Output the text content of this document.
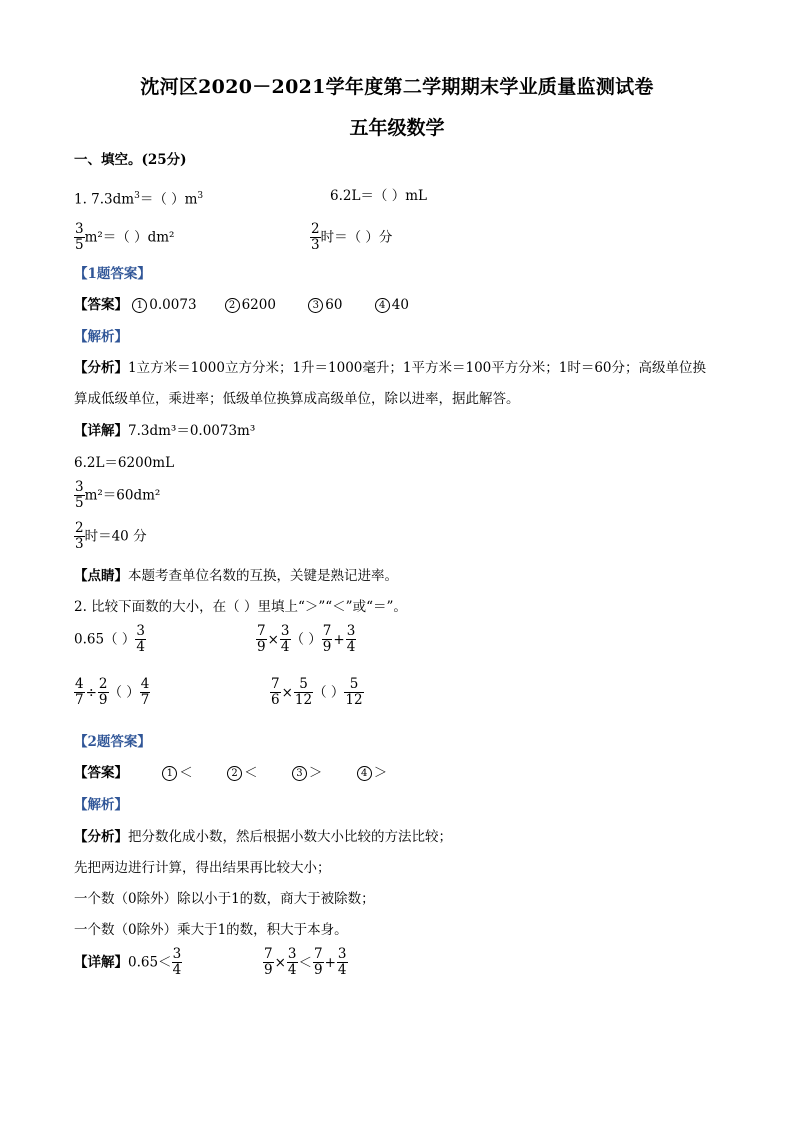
沈河区2020－2021学年度第二学期期末学业质量监测试卷
五年级数学
一、填空。(25分)
1. $7.3dm^3=$（ ）$m^3$	6.2L＝（ ）mL
$\frac{3}{5} m^2=$（ ）dm²	$\frac{2}{3}$ 时＝（ ）分
【1题答案】
【答案】 1 0.0073	2 6200	3 60	4 40
【解析】
【分析】1立方米＝1000立方分米；1升＝1000毫升；1平方米＝100平方分米；1时＝60分；高级单位换
算成低级单位，乘进率；低级单位换算成高级单位，除以进率，据此解答。
【详解】7.3dm³＝0.0073m³
6.2L＝6200mL
$\frac{3}{5} m^2=60dm^2$
$\frac{2}{3}$ 时＝40 分
【点睛】本题考查单位名数的互换，关键是熟记进率。
2. 比较下面数的大小，在（ ）里填上“＞”“＜”或“＝”。
0.65（ ） $\frac{3}{4}$	$\frac{7}{9} \times \frac{3}{4}$ （ ） $\frac{7}{9} + \frac{3}{4}$
$\frac{4}{7} \div \frac{2}{9}$ （ ） $\frac{4}{7}$	$\frac{7}{6} \times \frac{5}{12}$ （ ） $\frac{5}{12}$
【2题答案】
【答案】	1 ＜	2 ＜	3 ＞	4 ＞
【解析】
【分析】把分数化成小数，然后根据小数大小比较的方法比较；
先把两边进行计算，得出结果再比较大小；
一个数（0除外）除以小于1的数，商大于被除数；
一个数（0除外）乘大于1的数，积大于本身。
【详解】$0.65< \frac{3}{4}$	$\frac{7}{9} \times \frac{3}{4} < \frac{7}{9} + \frac{3}{4}$
